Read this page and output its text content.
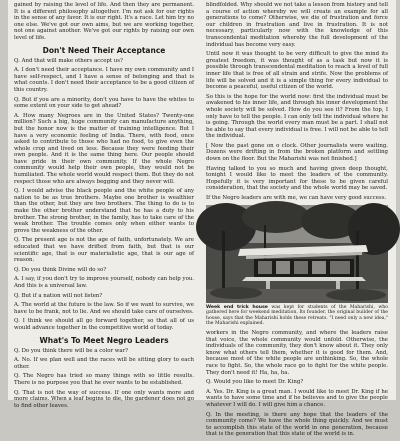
gained by raising the level of life. And then they are permanent. It is a different philosophy altogether. I'm not ask for our rights in the sense of any favor. It is our right. It's a race. Let him try no one else. We've got our own aims, but we are working together, not one against another. We've got our rights by raising our own level of life.

Don't Need Their Acceptance

Q. And that will make others accept us?

A. I don't need their acceptance. I have my own community and I have self-respect, and I have a sense of belonging and that is what counts. I don't need their acceptance to be a good citizen of this country.

Q. But if you are a minority, don't you have to have the whites to some extent on your side to get ahead?

A. How many Negroes are in the United States? Twenty-one million? Such a big, huge community can manufacture anything, but the honor now is the matter of training intelligence. But I have a very economic feeling of India. There, with food, once asked to contribute to those who had no food, to give even the whole crop and lived on less. Because they were feeding their own people. And it is the same thing here. Our people should have pride in their own community. If the whole Negro community would help their own people, they would not be humiliated. The whole world would respect them. But they do not respect those who are always begging and they never will.

Q. I would advise the black people and the white people of any nation to be as true brothers. Maybe one brother is wealthier than the other, but they are two brothers. The thing to do is to make the other brother understand that he has a duty to his brother. The strong brother, in the family, has to take care of the weak brother. The trouble comes only when either wants to prove the weakness of the other.

Q. The present age is not the age of faith, unfortunately. We are educated that we have drifted from faith, but that is our scientific age, that is our materialistic age, that is our age of reason.

Q. Do you think Divine will do so?

A. I say, if you don't try to improve yourself, nobody can help you. And this is a universal law.

Q. But if a nation will not listen?

A. The world at the future is the law. So if we want to survive, we have to be frank, not to lie. And we should take care of ourselves.

Q. I think we should all go forward together, so that all of us would advance together in the competitive world of today.

What's To Meet Negro Leaders

Q. Do you think there will be a color war?

A. No. If we plan well and the races will be sitting glory to each other.

Q. The Negro has tried so many things with so little results. There is no purpose you that he ever wants to be established.

Q. That is not the way of success. If one only wants more and more claims. When a leaf begins to die, the gardener does not go to find other leaves.

blindfolded. Why should we not take a lesson from history and tell a course of action whereby we will create an example for all generations to come? Otherwise, we die of frustration and force our children in frustration and live in frustration. It is not necessary, particularly now with the knowledge of this transcendental meditation whereby the full development of the individual has become very easy.

Until now it was thought to be very difficult to give the mind its greatest freedom, it was thought of as a task but now it is possible through transcendental meditation to reach a level of full inner life that is free of all strain and strife. Now the problems of life will be solved and it is a simple thing for every individual to become a peaceful, useful citizen of the world.

So this is the hope for the world now: first the individual must be awakened to his inner life, and through his inner development the whole society will be solved. How do you see it? From the top, I only have to tell the people. I can only tell the individual where he is going. Through the world every man must be a part. I shall not be able to say that every individual is free. I will not be able to tell the individual.

[ Now the past gone on o clock. Other journalists were waiting. Dozens were drifting in from the broken platform and settling down on the floor. But the Maharishi was not finished.]

Having talked to you so much and having given deep thought, tonight I would like to meet the leaders of the community. Hopefully it is very important for these to be given careful consideration, that the society and the whole world may be saved.

If the Negro leaders are with me, we can have very good success.

Week end trick house was kept for students of the Maharishi, who gathered here for weekend meditation. Its founder, the original builder of the house, says that the Maharishi holds these retreats. "I need only a new idea," the Maharishi explained.

workers in the Negro community, and where the leaders raise that voice, the whole community would unfold. Otherwise, the individuals of the community, they don't know about it. They only know what others tell them, whether it is good for them. And, because most of the white people are unthinking. So, the whole race to fight. So, the whole race go to fight for the white people. They don't need it! Ha, ha, ha.

Q. Would you like to meet Dr. King?

A. Yes. Dr. King is a great man. I would like to meet Dr. King if he wants to have some time and if he believes and to give the people whatever I will do. I will give him a chance.

Q. In the meeting, is there any hope that the leaders of the community come? We have the whole thing quickly. And we must to accomplish this state of the world in one generation, because that is the generation that this state of the world is in.
